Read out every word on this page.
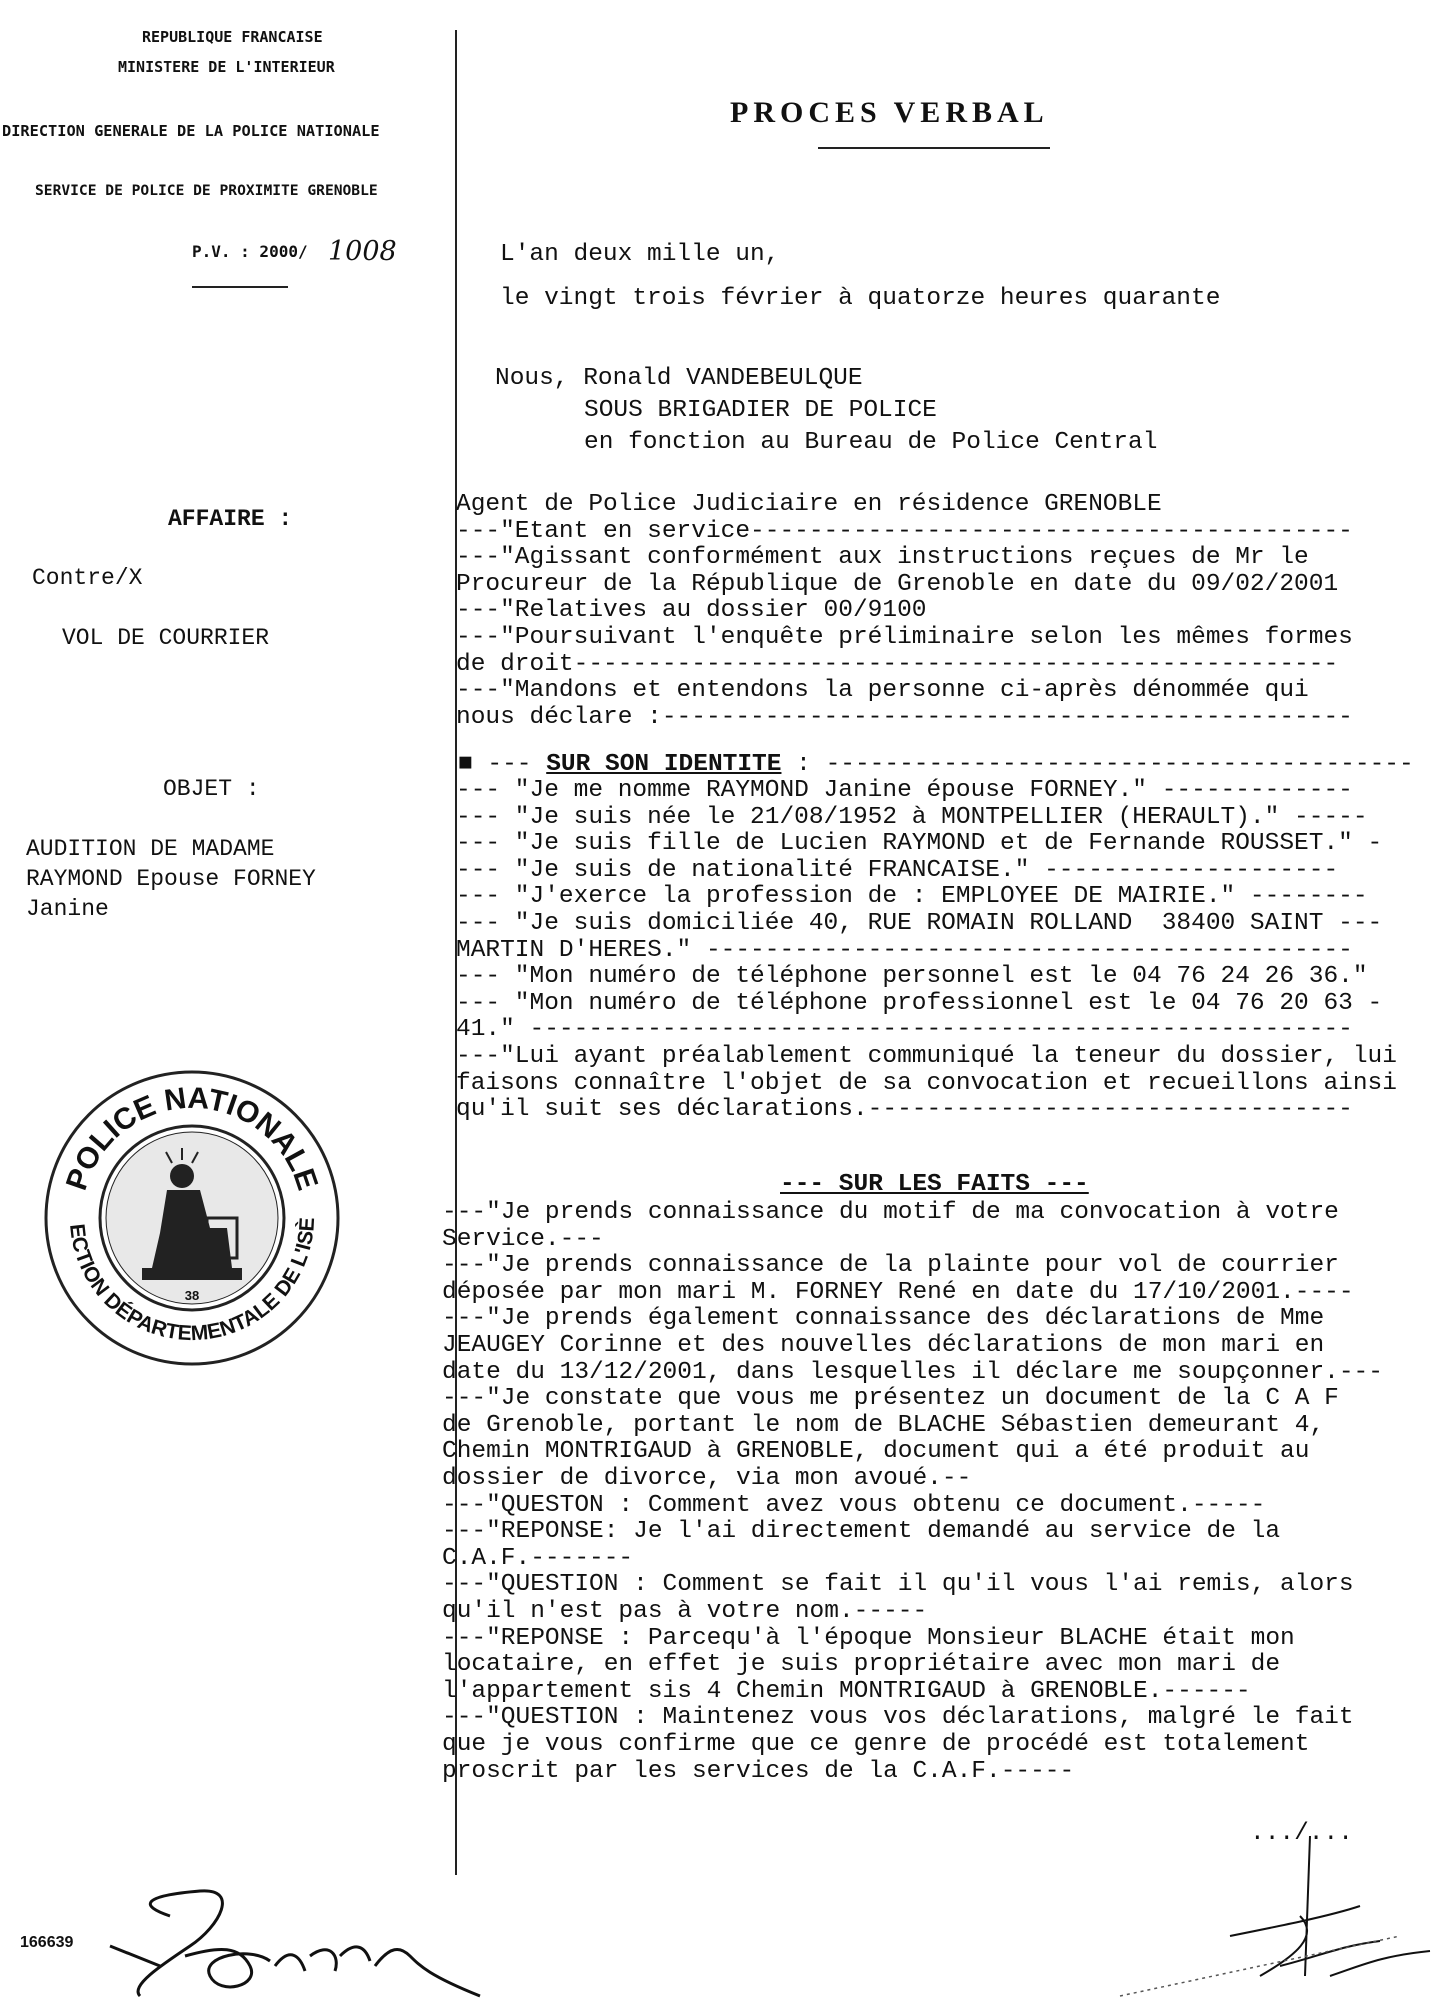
REPUBLIQUE FRANCAISE
MINISTERE DE L'INTERIEUR
DIRECTION GENERALE DE LA POLICE NATIONALE
SERVICE DE POLICE DE PROXIMITE GRENOBLE
P.V. : 2000/ 1008
PROCES VERBAL
AFFAIRE :
Contre/X
VOL DE COURRIER
OBJET :
AUDITION DE MADAME
RAYMOND Epouse FORNEY
Janine
POLICE NATIONALE
ECTION DÉPARTEMENTALE DE L'ISÈ
38
L'an deux mille un,
le vingt trois février à quatorze heures quarante
Nous, Ronald VANDEBEULQUE
SOUS BRIGADIER DE POLICE
en fonction au Bureau de Police Central
Agent de Police Judiciaire en résidence GRENOBLE
---"Etant en service-----------------------------------------
---"Agissant conformément aux instructions reçues de Mr le
Procureur de la République de Grenoble en date du 09/02/2001
---"Relatives au dossier 00/9100
---"Poursuivant l'enquête préliminaire selon les mêmes formes
de droit----------------------------------------------------
---"Mandons et entendons la personne ci-après dénommée qui
nous déclare :-----------------------------------------------
--- "Je me nomme RAYMOND Janine épouse FORNEY." -------------
--- "Je suis née le 21/08/1952 à MONTPELLIER (HERAULT)." -----
--- "Je suis fille de Lucien RAYMOND et de Fernande ROUSSET." -
--- "Je suis de nationalité FRANCAISE." --------------------
--- "J'exerce la profession de : EMPLOYEE DE MAIRIE." --------
--- "Je suis domiciliée 40, RUE ROMAIN ROLLAND  38400 SAINT ---
MARTIN D'HERES." --------------------------------------------
--- "Mon numéro de téléphone personnel est le 04 76 24 26 36."
--- "Mon numéro de téléphone professionnel est le 04 76 20 63 -
41." --------------------------------------------------------
---"Lui ayant préalablement communiqué la teneur du dossier, lui
faisons connaître l'objet de sa convocation et recueillons ainsi
qu'il suit ses déclarations.---------------------------------
---"Je prends connaissance du motif de ma convocation à votre
Service.---
---"Je prends connaissance de la plainte pour vol de courrier
déposée par mon mari M. FORNEY René en date du 17/10/2001.----
---"Je prends également connaissance des déclarations de Mme
JEAUGEY Corinne et des nouvelles déclarations de mon mari en
date du 13/12/2001, dans lesquelles il déclare me soupçonner.---
---"Je constate que vous me présentez un document de la C A F
de Grenoble, portant le nom de BLACHE Sébastien demeurant 4,
Chemin MONTRIGAUD à GRENOBLE, document qui a été produit au
dossier de divorce, via mon avoué.--
---"QUESTON : Comment avez vous obtenu ce document.-----
---"REPONSE: Je l'ai directement demandé au service de la
C.A.F.-------
---"QUESTION : Comment se fait il qu'il vous l'ai remis, alors
qu'il n'est pas à votre nom.-----
---"REPONSE : Parcequ'à l'époque Monsieur BLACHE était mon
locataire, en effet je suis propriétaire avec mon mari de
l'appartement sis 4 Chemin MONTRIGAUD à GRENOBLE.------
---"QUESTION : Maintenez vous vos déclarations, malgré le fait
que je vous confirme que ce genre de procédé est totalement
proscrit par les services de la C.A.F.-----
■ --- SUR SON IDENTITE : ----------------------------------------
--- SUR LES FAITS ---
.../...
166639
